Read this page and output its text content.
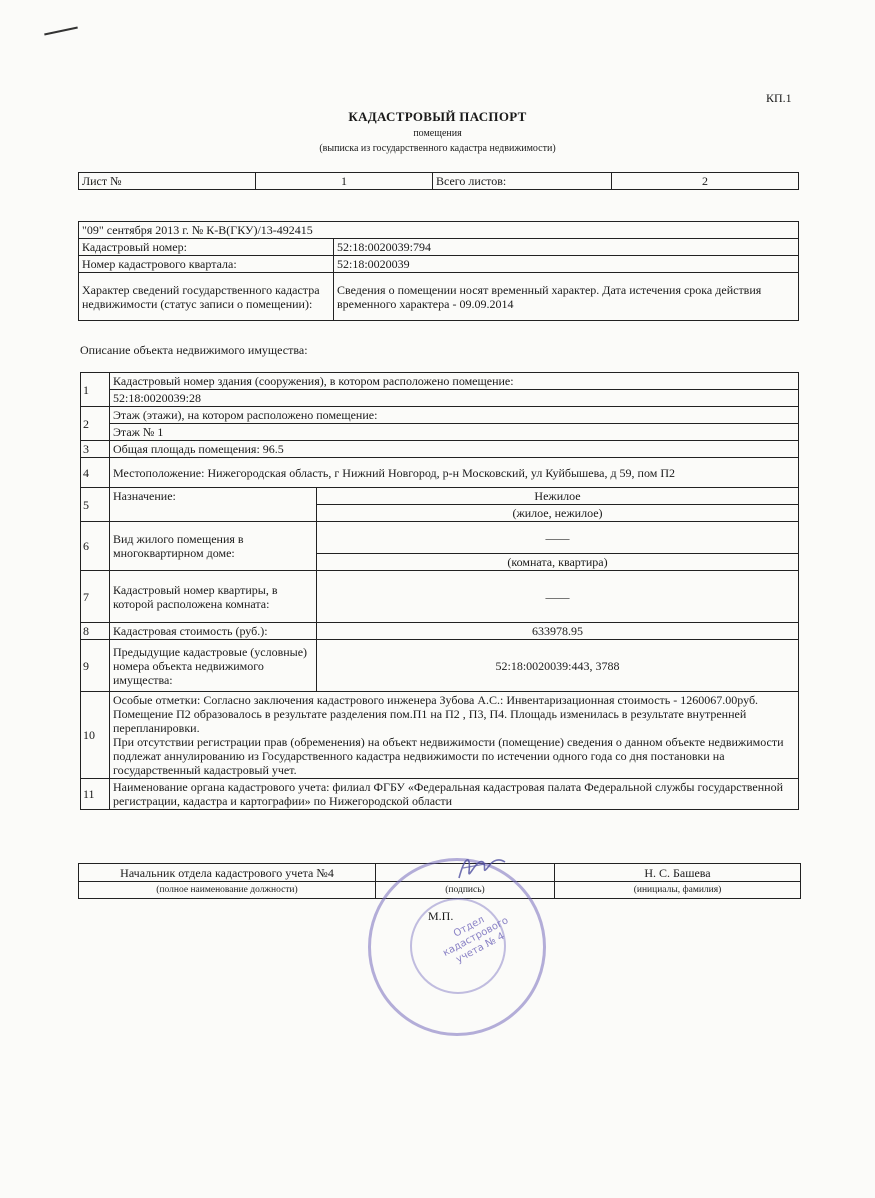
КП.1
КАДАСТРОВЫЙ ПАСПОРТ
помещения
(выписка из государственного кадастра недвижимости)
Лист №	1	Всего листов:	2
"09" сентября 2013 г. № К-В(ГКУ)/13-492415	
Кадастровый номер:	52:18:0020039:794
Номер кадастрового квартала:	52:18:0020039
Характер сведений государственного кадастра недвижимости (статус записи о помещении):	Сведения о помещении носят временный характер. Дата истечения срока действия временного характера - 09.09.2014
Описание объекта недвижимого имущества:
1	Кадастровый номер здания (сооружения), в котором расположено помещение:	
	52:18:0020039:28	
2	Этаж (этажи), на котором расположено помещение:	
	Этаж № 1	
3	Общая площадь помещения: 96.5	
4	Местоположение: Нижегородская область, г Нижний Новгород, р-н Московский, ул Куйбышева, д 59, пом П2	
5	Назначение:	Нежилое
		(жилое, нежилое)
6	Вид жилого помещения в многоквартирном доме:	——
		(комната, квартира)
7	Кадастровый номер квартиры, в которой расположена комната:	——
8	Кадастровая стоимость (руб.):	633978.95
9	Предыдущие кадастровые (условные) номера объекта недвижимого имущества:	52:18:0020039:443, 3788
10	Особые отметки: Согласно заключения кадастрового инженера Зубова А.С.: Инвентаризационная стоимость - 1260067.00руб. Помещение П2 образовалось в результате разделения пом.П1 на П2 , П3, П4. Площадь изменилась в результате внутренней перепланировки.
При отсутствии регистрации прав (обременения) на объект недвижимости (помещение) сведения о данном объекте недвижимости подлежат аннулированию из Государственного кадастра недвижимости по истечении одного года со дня постановки на государственный кадастровый учет.	

11	Наименование органа кадастрового учета: филиал ФГБУ «Федеральная кадастровая палата Федеральной службы государственной регистрации, кадастра и картографии» по Нижегородской области	
Начальник отдела кадастрового учета №4		Н. С. Башева
(полное наименование должности)	(подпись)	(инициалы, фамилия)
Отдел кадастрового учета № 4
М.П.
